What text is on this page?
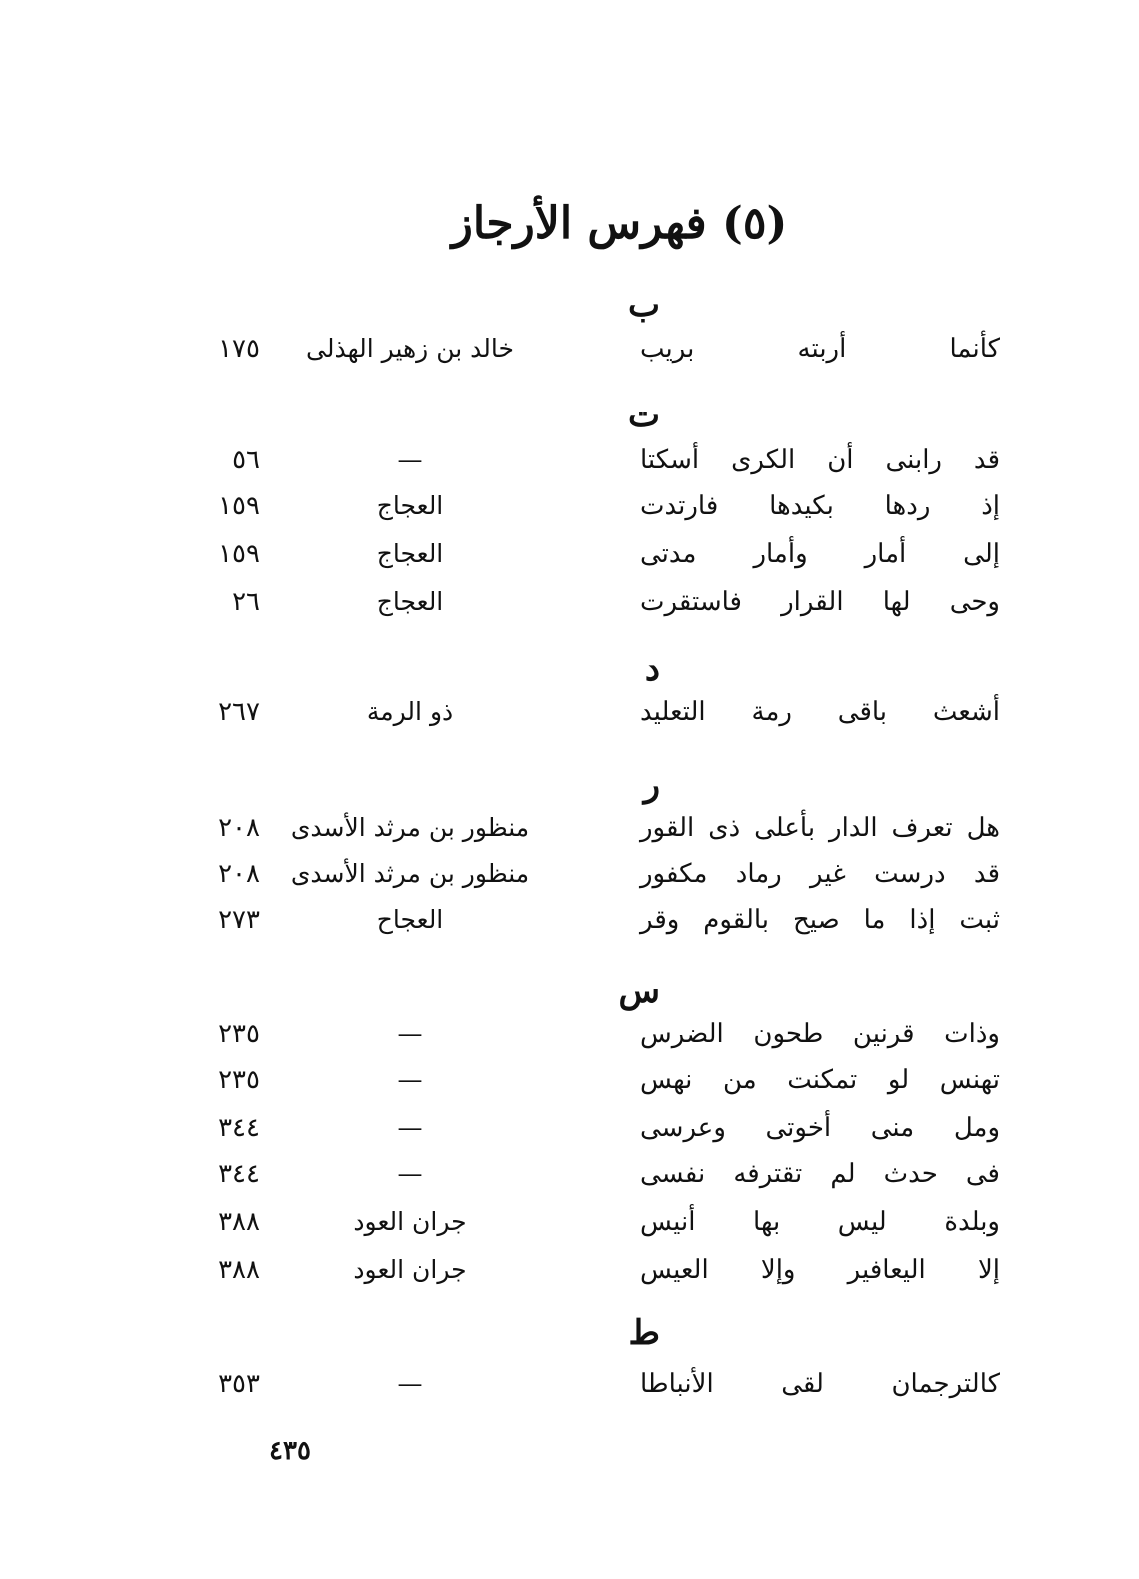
(٥) فهرس الأرجاز
ب
كأنما أربته بريب
خالد بن زهير الهذلى
١٧٥
ت
قد رابنى أن الكرى أسكتا
—
٥٦
إذ ردها بكيدها فارتدت
العجاج
١٥٩
إلى أمار وأمار مدتى
العجاج
١٥٩
وحى لها القرار فاستقرت
العجاج
٢٦
د
أشعث باقى رمة التعليد
ذو الرمة
٢٦٧
ر
هل تعرف الدار بأعلى ذى القور
منظور بن مرثد الأسدى
٢٠٨
قد درست غير رماد مكفور
منظور بن مرثد الأسدى
٢٠٨
ثبت إذا ما صيح بالقوم وقر
العجاح
٢٧٣
س
وذات قرنين طحون الضرس
—
٢٣٥
تهنس لو تمكنت من نهس
—
٢٣٥
ومل منى أخوتى وعرسى
—
٣٤٤
فى حدث لم تقترفه نفسى
—
٣٤٤
وبلدة ليس بها أنيس
جران العود
٣٨٨
إلا اليعافير وإلا العيس
جران العود
٣٨٨
ط
كالترجمان لقى الأنباطا
—
٣٥٣
٤٣٥
